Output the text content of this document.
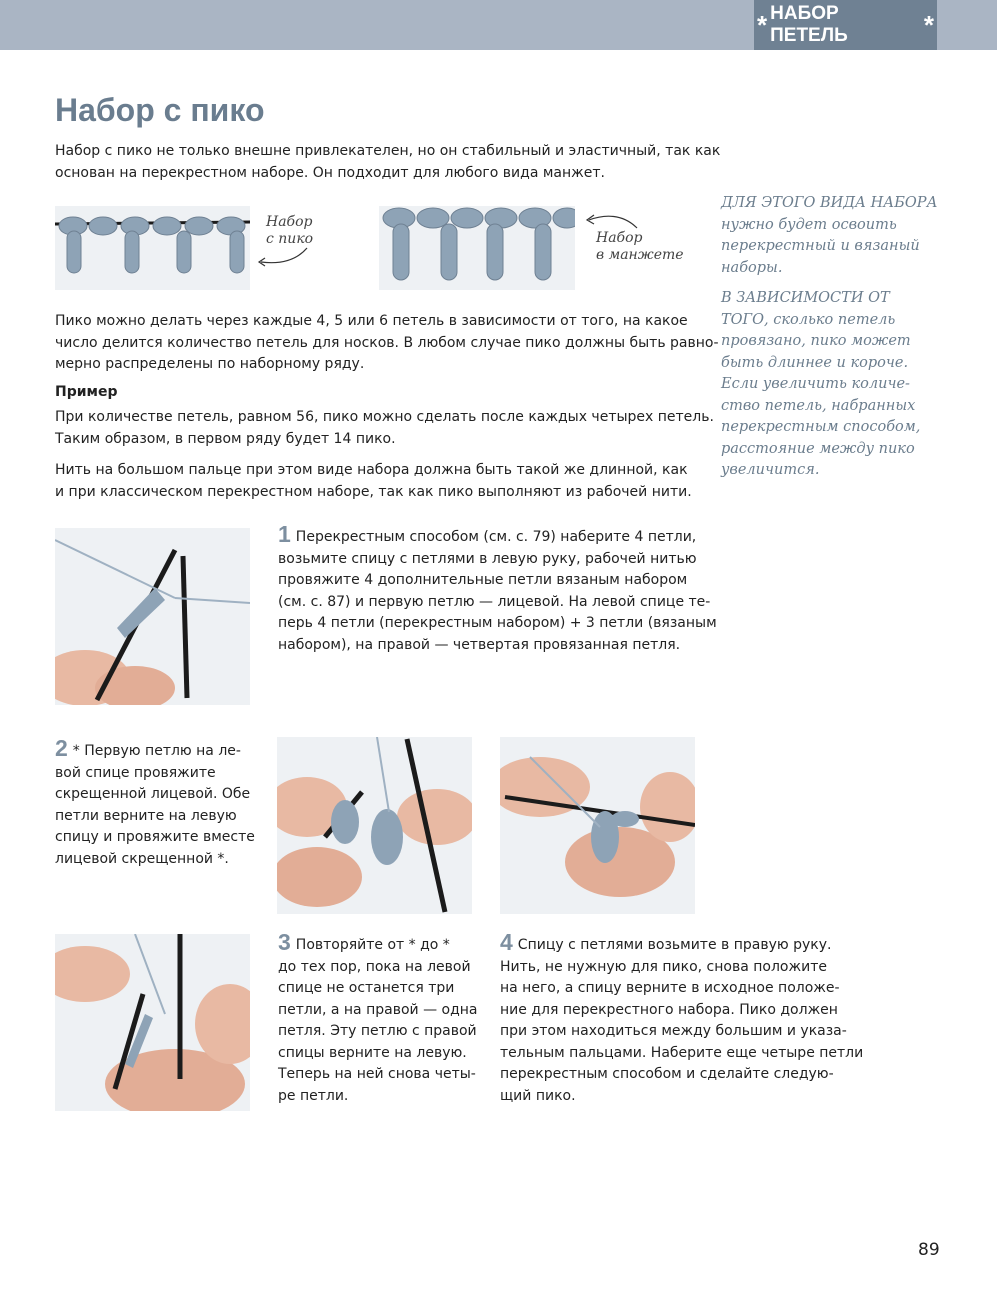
* НАБОР ПЕТЕЛЬ	*
Набор с пико

Набор с пико не только внешне привлекателен, но он стабильный и эластичный, так как
основан на перекрестном наборе. Он подходит для любого вида манжет.

Набор
с пико	Набор
в манжете

ДЛЯ ЭТОГО ВИДА НАБОРА
нужно будет освоить
перекрестный и вязаный
наборы.

В ЗАВИСИМОСТИ ОТ
ТОГО, сколько петель
провязано, пико может
быть длиннее и короче.
Если увеличить количе-
ство петель, набранных
перекрестным способом,
расстояние между пико
увеличится.

Пико можно делать через каждые 4, 5 или 6 петель в зависимости от того, на какое
число делится количество петель для носков. В любом случае пико должны быть равно-
мерно распределены по наборному ряду.

Пример

При количестве петель, равном 56, пико можно сделать после каждых четырех петель.
Таким образом, в первом ряду будет 14 пико.

Нить на большом пальце при этом виде набора должна быть такой же длинной, как
и при классическом перекрестном наборе, так как пико выполняют из рабочей нити.

1 Перекрестным способом (см. с. 79) наберите 4 петли,
возьмите спицу с петлями в левую руку, рабочей нитью
провяжите 4 дополнительные петли вязаным набором
(см. с. 87) и первую петлю — лицевой. На левой спице те-
перь 4 петли (перекрестным набором) + 3 петли (вязаным
набором), на правой — четвертая провязанная петля.
2 * Первую петлю на ле-
вой спице провяжите
скрещенной лицевой. Обе
петли верните на левую
спицу и провяжите вместе
лицевой скрещенной *.
3 Повторяйте от * до *
до тех пор, пока на левой
спице не останется три
петли, а на правой — одна
петля. Эту петлю с правой
спицы верните на левую.
Теперь на ней снова четы-
ре петли.
4 Спицу с петлями возьмите в правую руку.
Нить, не нужную для пико, снова положите
на него, а спицу верните в исходное положе-
ние для перекрестного набора. Пико должен
при этом находиться между большим и указа-
тельным пальцами. Наберите еще четыре петли
перекрестным способом и сделайте следую-
щий пико.
89
